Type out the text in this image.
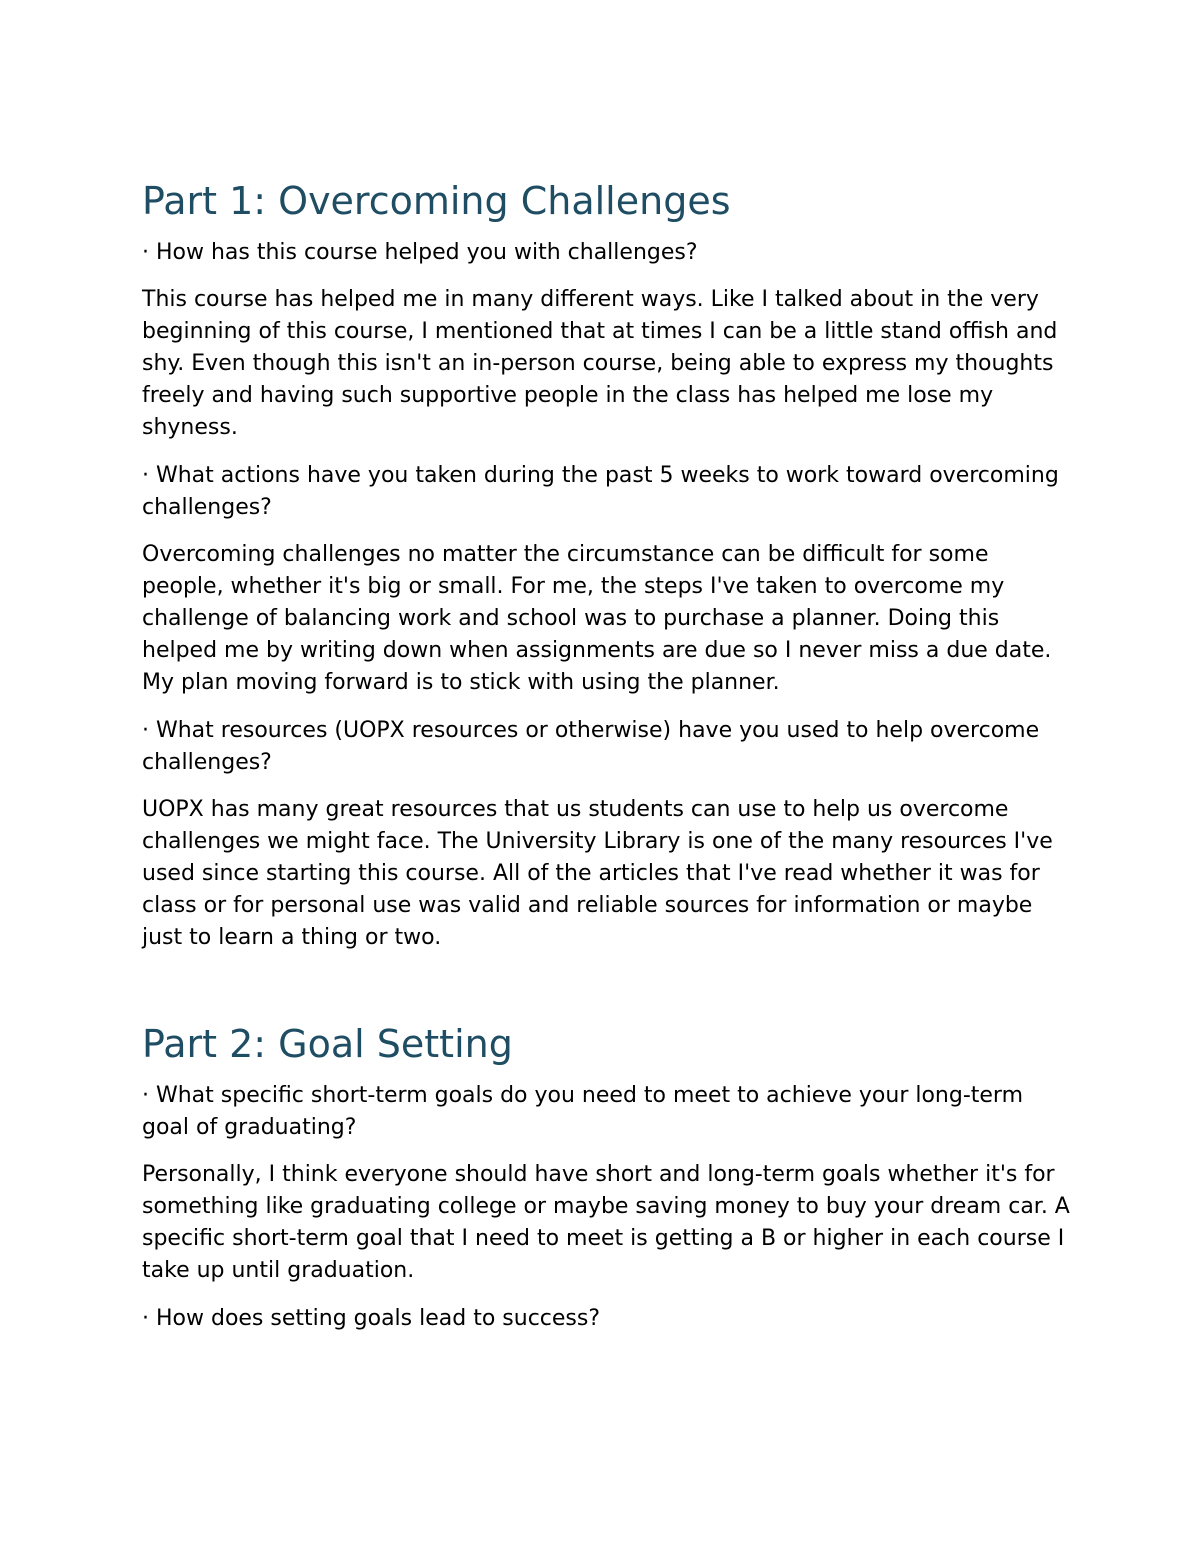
Part 1: Overcoming Challenges

· How has this course helped you with challenges?

This course has helped me in many different ways. Like I talked about in the very beginning of this course, I mentioned that at times I can be a little stand offish and shy. Even though this isn't an in-person course, being able to express my thoughts freely and having such supportive people in the class has helped me lose my shyness.

· What actions have you taken during the past 5 weeks to work toward overcoming challenges?

Overcoming challenges no matter the circumstance can be difficult for some people, whether it's big or small. For me, the steps I've taken to overcome my challenge of balancing work and school was to purchase a planner. Doing this helped me by writing down when assignments are due so I never miss a due date. My plan moving forward is to stick with using the planner.

· What resources (UOPX resources or otherwise) have you used to help overcome challenges?

UOPX has many great resources that us students can use to help us overcome challenges we might face. The University Library is one of the many resources I've used since starting this course. All of the articles that I've read whether it was for class or for personal use was valid and reliable sources for information or maybe just to learn a thing or two.

Part 2: Goal Setting

· What specific short-term goals do you need to meet to achieve your long-term goal of graduating?

Personally, I think everyone should have short and long-term goals whether it's for something like graduating college or maybe saving money to buy your dream car. A specific short-term goal that I need to meet is getting a B or higher in each course I take up until graduation.

· How does setting goals lead to success?
